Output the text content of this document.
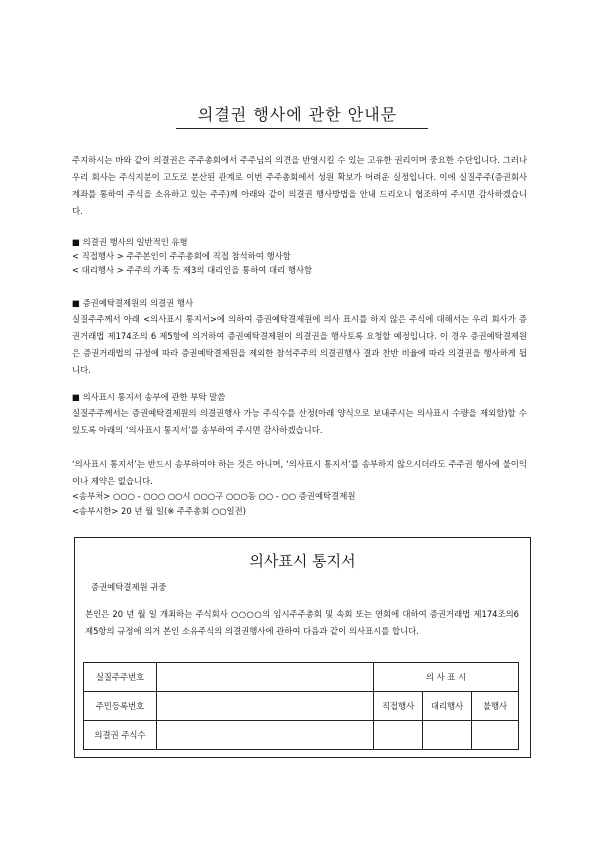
의결권 행사에 관한 안내문

주지하시는 바와 같이 의결권은 주주총회에서 주주님의 의견을 반영시킬 수 있는 고유한 권리이며 중요한 수단입니다. 그러나 우리 회사는 주식지분이 고도로 분산된 관계로 이번 주주총회에서 성원 확보가 어려운 실정입니다. 이에 실질주주(증권회사 계좌를 통하여 주식을 소유하고 있는 주주)께 아래와 같이 의결권 행사방법을 안내 드리오니 협조하여 주시면 감사하겠습니다.

■ 의결권 행사의 일반적인 유형
< 직접행사 > 주주본인이 주주총회에 직접 참석하여 행사함
< 대리행사 > 주주의 가족 등 제3의 대리인을 통하여 대리 행사함
■ 증권예탁결제원의 의결권 행사

실질주주께서 아래 <의사표시 통지서>에 의하여 증권예탁결제원에 의사 표시를 하지 않은 주식에 대해서는 우리 회사가 증권거래법 제174조의 6 제5항에 의거하여 증권예탁결제원이 의결권을 행사토록 요청할 예정입니다. 이 경우 증권예탁결제원은 증권거래법의 규정에 따라 증권예탁결제원을 제외한 참석주주의 의결권행사 결과 찬반 비율에 따라 의결권을 행사하게 됩니다.

■ 의사표시 통지서 송부에 관한 부탁 말씀

실질주주께서는 증권예탁결제원의 의결권행사 가능 주식수를 산정(아래 양식으로 보내주시는 의사표시 수량을 제외함)할 수 있도록 아래의 ‘의사표시 통지서’를 송부하여 주시면 감사하겠습니다.

‘의사표시 통지서’는 반드시 송부하여야 하는 것은 아니며, ‘의사표시 통지서’를 송부하지 않으시더라도 주주권 행사에 불이익이나 제약은 없습니다.

<송부처> ○○○ - ○○○ ○○시 ○○○구 ○○○동 ○○ - ○○ 증권예탁결제원
<송부시한> 20 년 월 일(※ 주주총회 ○○일전)
의사표시 통지서
증권예탁결제원 귀중

본인은 20 년 월 일 개최하는 주식회사 ○○○○의 임시주주총회 및 속회 또는 연회에 대하여 증권거래법 제174조의6 제5항의 규정에 의거 본인 소유주식의 의결권행사에 관하여 다음과 같이 의사표시를 합니다.

실질주주번호		의 사 표 시		
주민등록번호		직접행사	대리행사	불행사
의결권 주식수				
